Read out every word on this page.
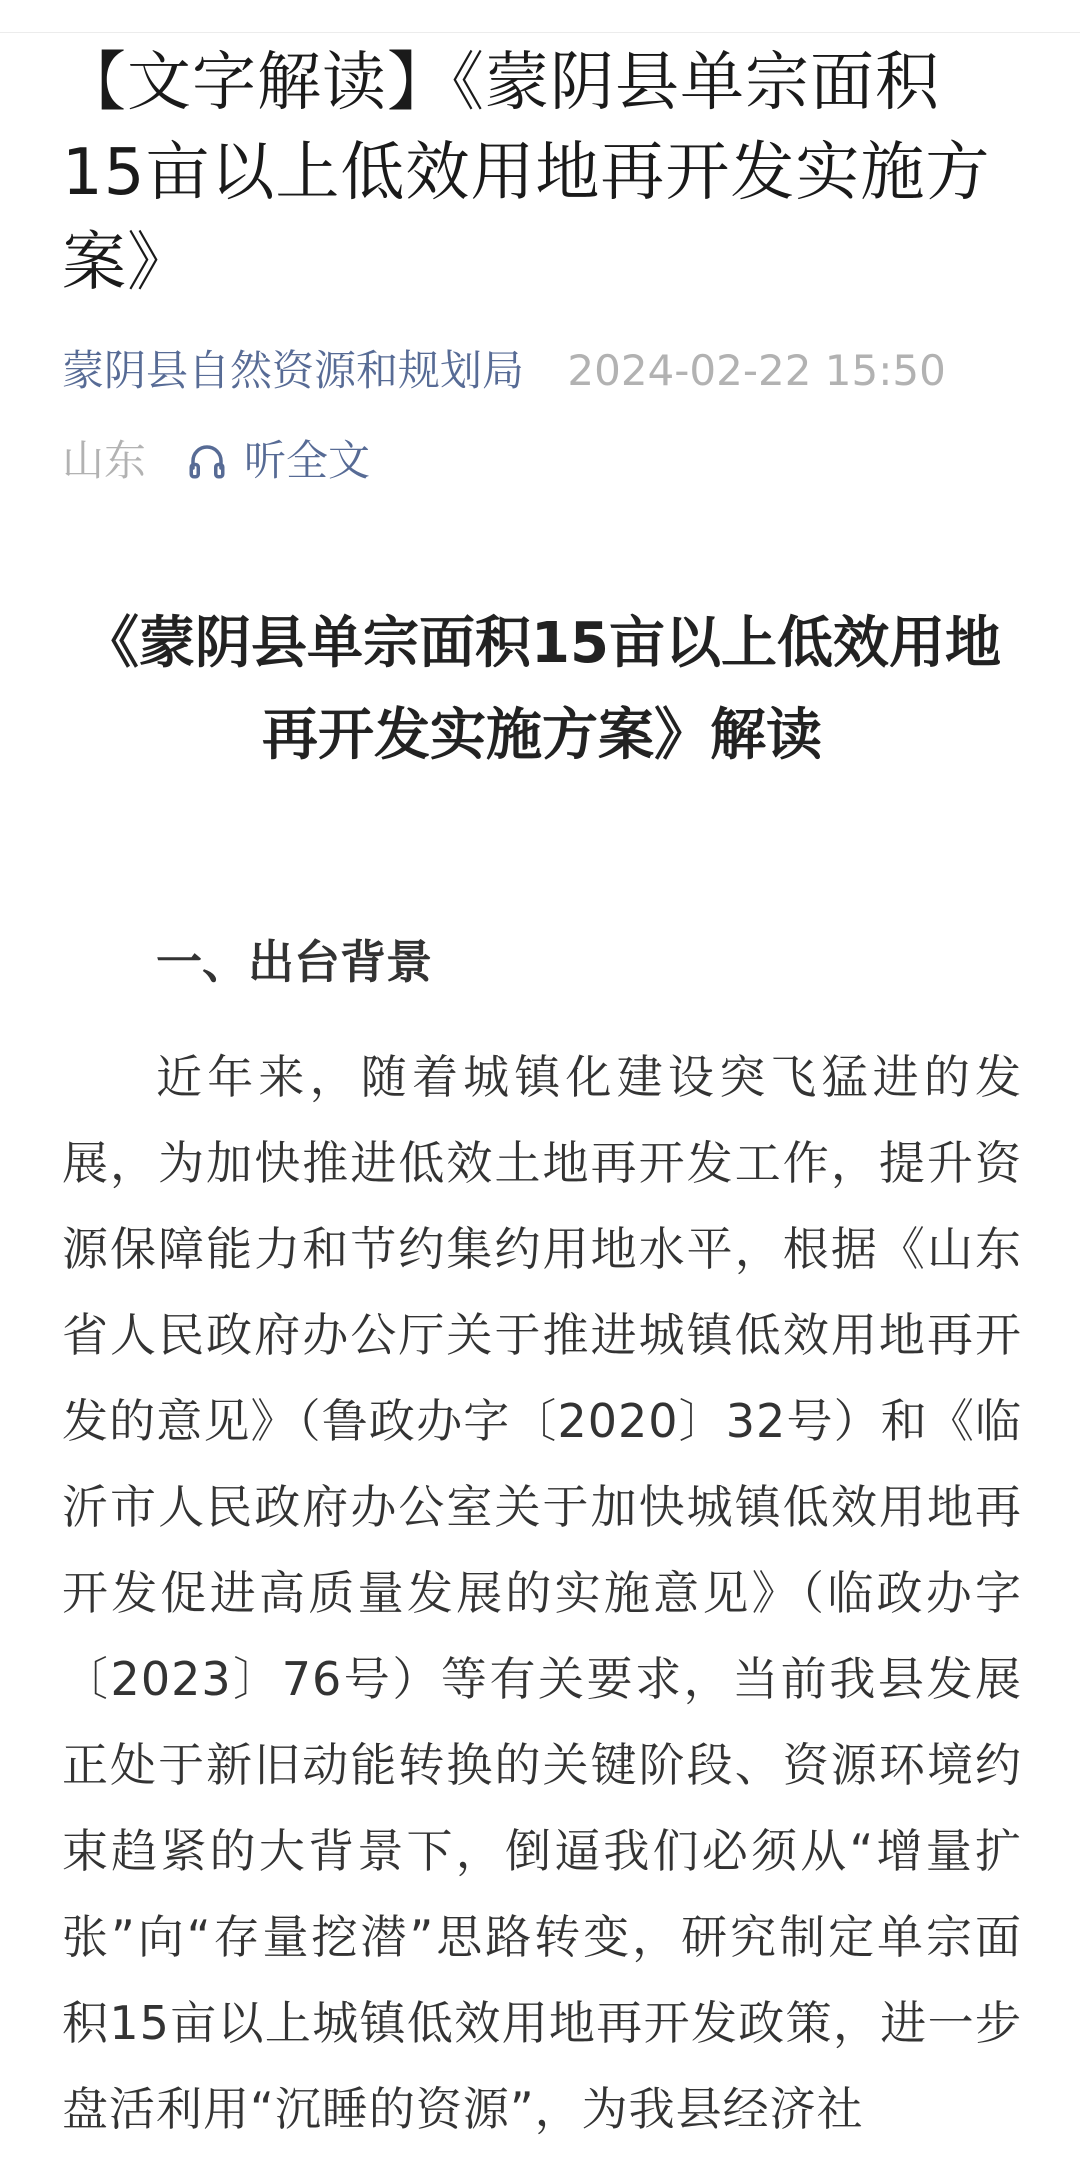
【文字解读】《蒙阴县单宗面积15亩以上低效用地再开发实施方案》
蒙阴县自然资源和规划局 2024-02-22 15:50
山东 听全文
《蒙阴县单宗面积15亩以上低效用地再开发实施方案》解读
一、出台背景
近年来，随着城镇化建设突飞猛进的发展，为加快推进低效土地再开发工作，提升资源保障能力和节约集约用地水平，根据《山东省人民政府办公厅关于推进城镇低效用地再开发的意见》（鲁政办字〔2020〕32号）和《临沂市人民政府办公室关于加快城镇低效用地再开发促进高质量发展的实施意见》（临政办字〔2023〕76号）等有关要求，当前我县发展正处于新旧动能转换的关键阶段、资源环境约束趋紧的大背景下，倒逼我们必须从“增量扩张”向“存量挖潜”思路转变，研究制定单宗面积15亩以上城镇低效用地再开发政策，进一步盘活利用“沉睡的资源”，为我县经济社
